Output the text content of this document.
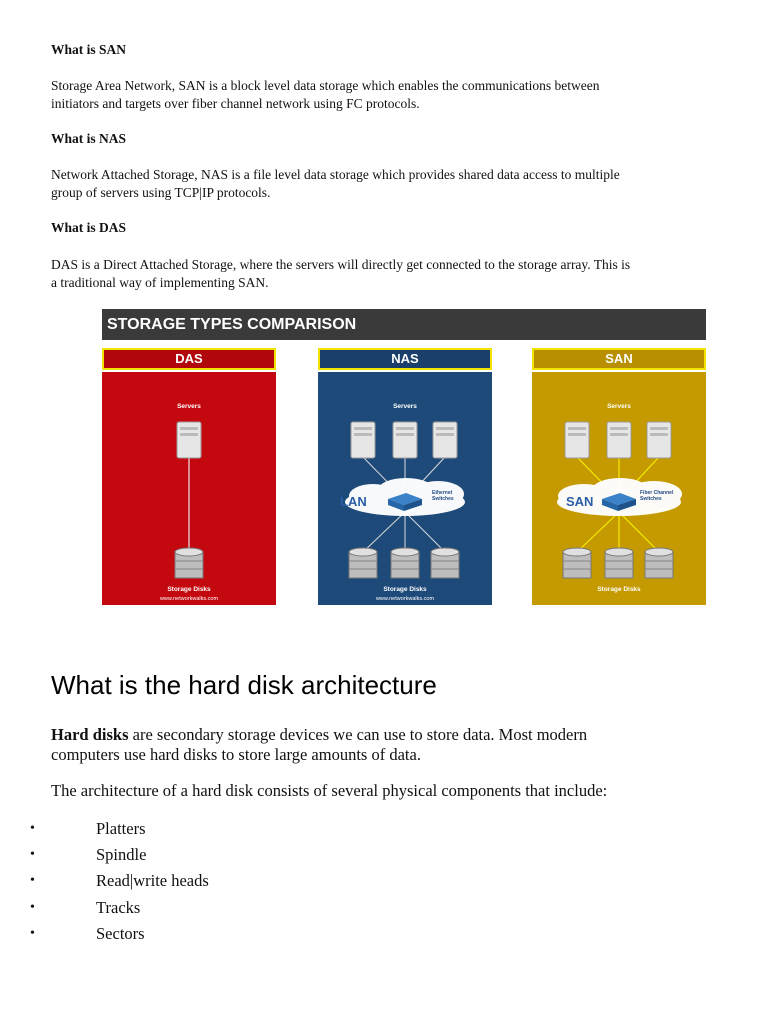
What is SAN

Storage Area Network, SAN is a block level data storage which enables the communications between
initiators and targets over fiber channel network using FC protocols.

What is NAS

Network Attached Storage, NAS is a file level data storage which provides shared data access to multiple
group of servers using TCP|IP protocols.

What is DAS

DAS is a Direct Attached Storage, where the servers will directly get connected to the storage array. This is
a traditional way of implementing SAN.

STORAGE TYPES COMPARISON
DAS
Servers
Storage Disks
www.networkwalks.com
NAS
Servers
LAN
Ethernet
Switches
Storage Disks
www.networkwalks.com
SAN
Servers
SAN
Fiber Channel
Switches
Storage Disks
What is the hard disk architecture

Hard disks are secondary storage devices we can use to store data. Most modern
computers use hard disks to store large amounts of data.

The architecture of a hard disk consists of several physical components that include:

•	Platters
•	Spindle
•	Read|write heads
•	Tracks
•	Sectors
